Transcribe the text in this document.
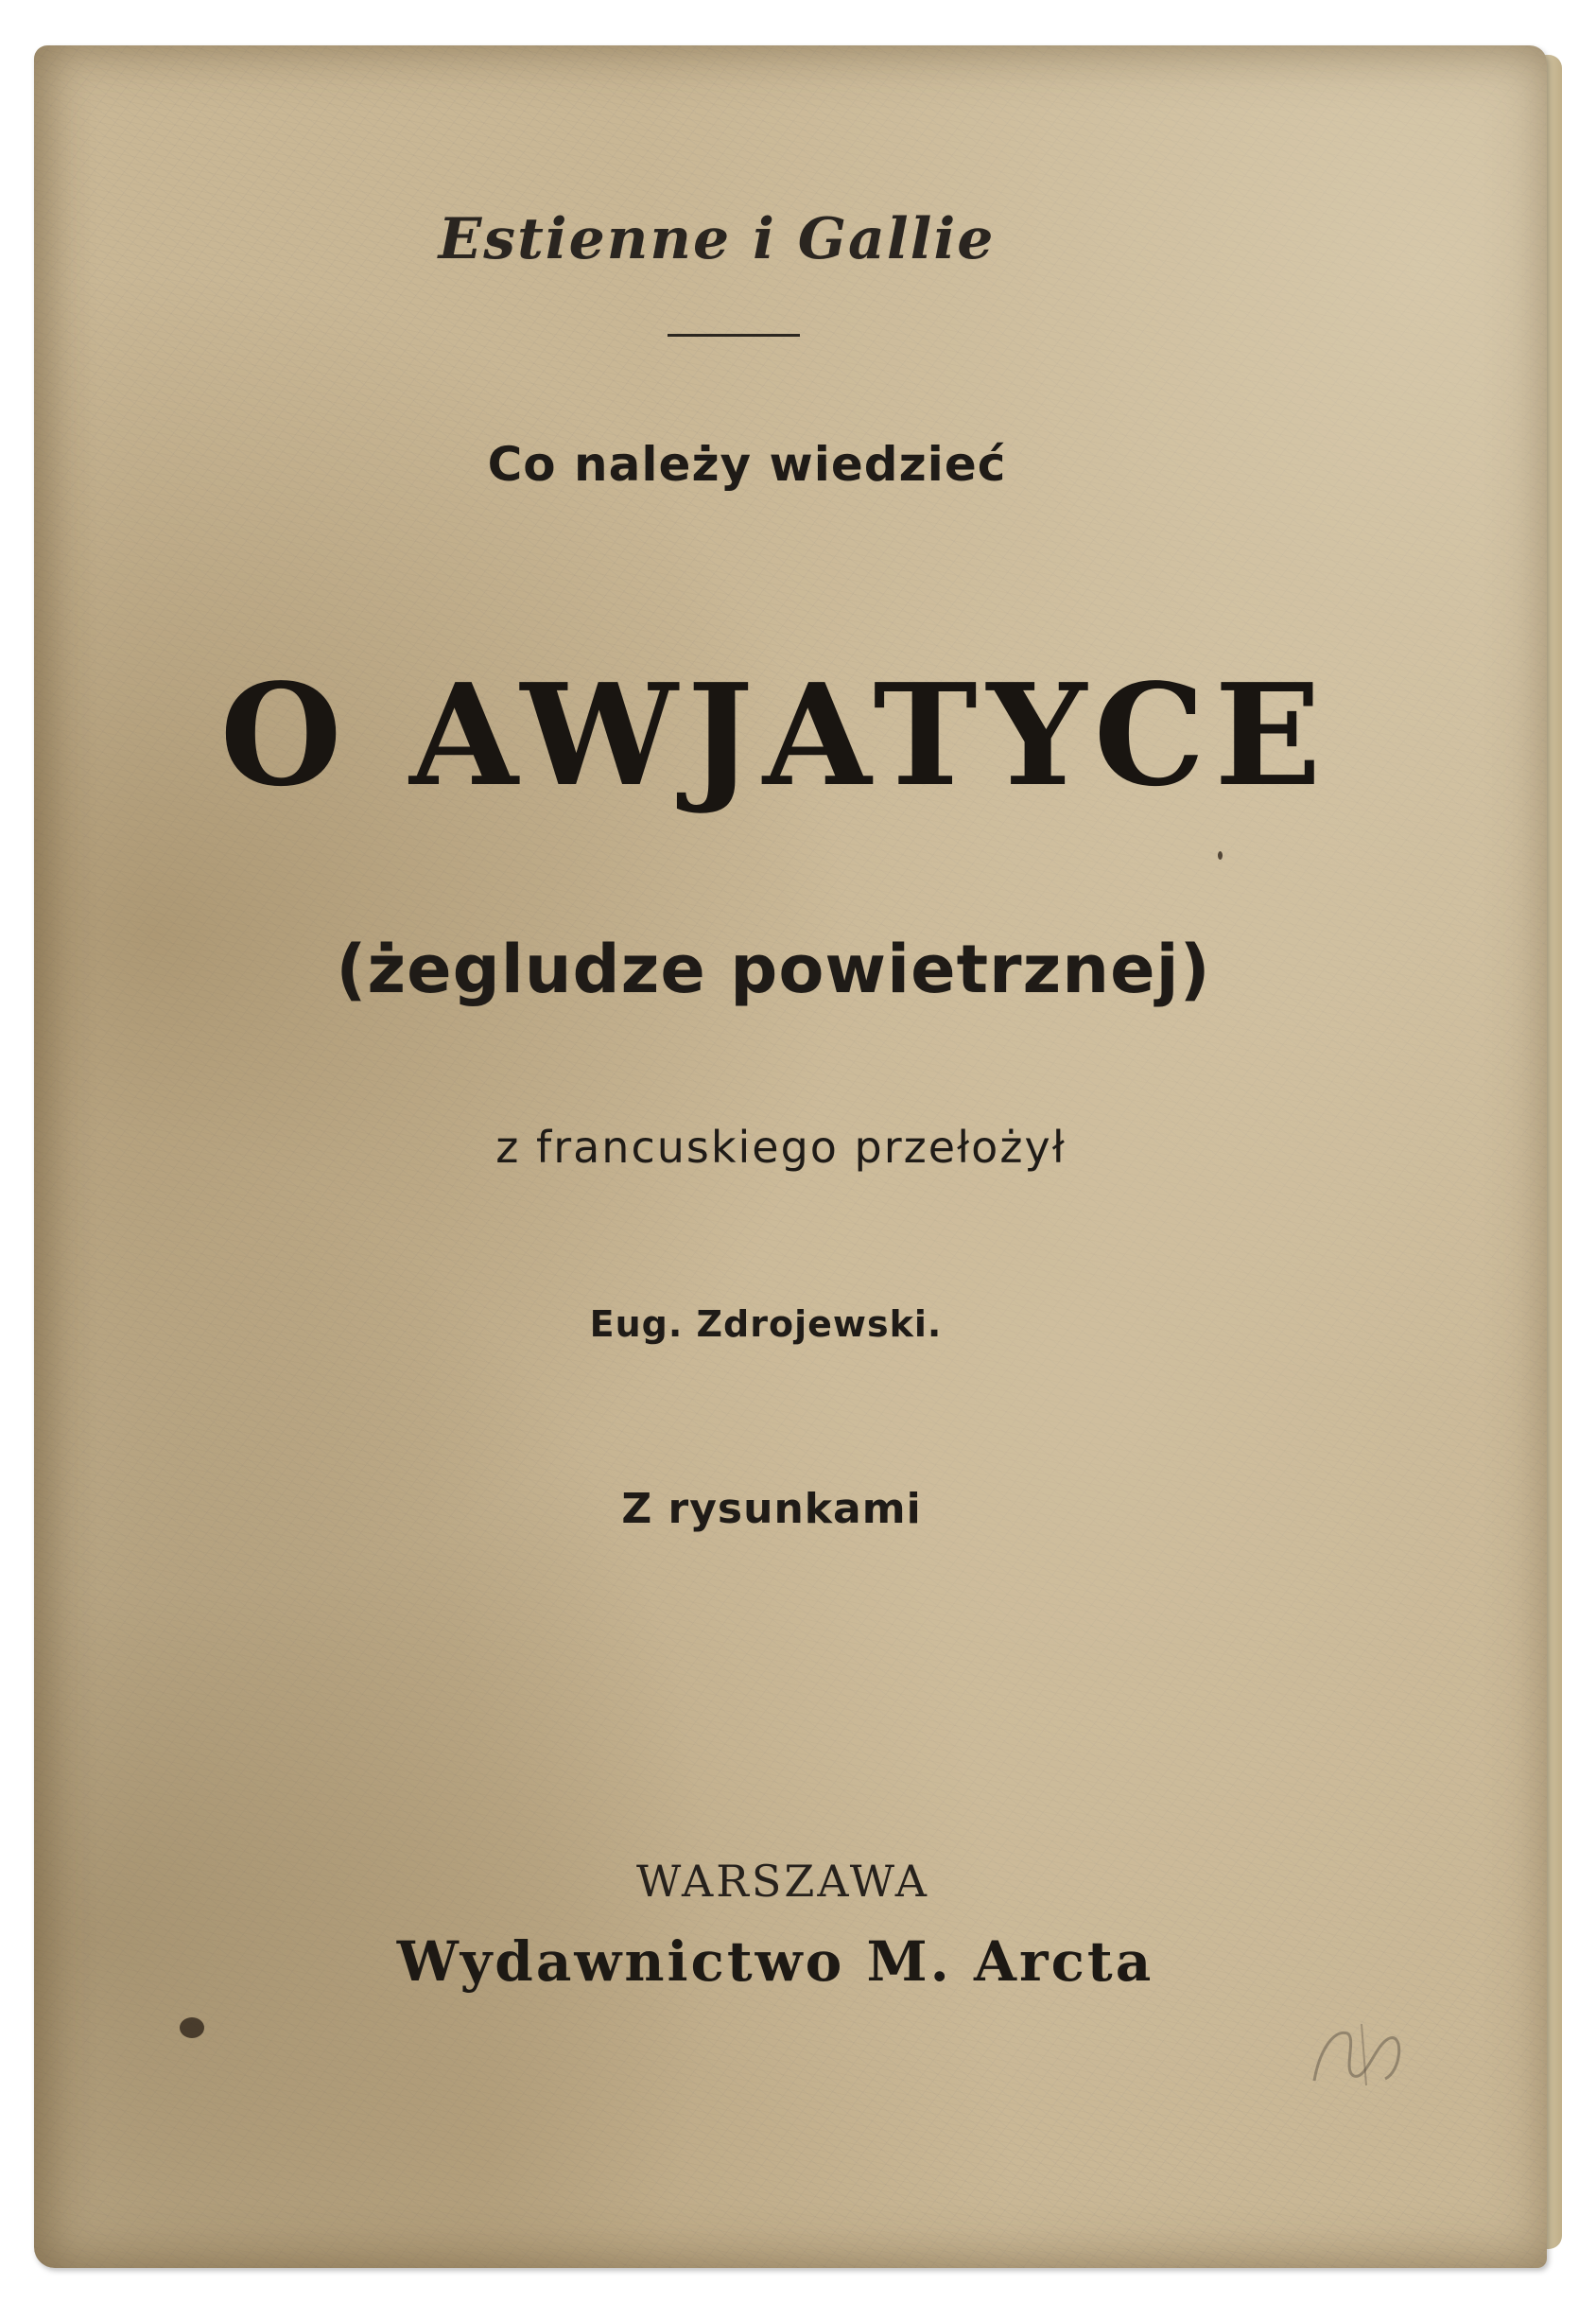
Estienne i Gallie
Co należy wiedzieć
O AWJATYCE
(żegludze powietrznej)
z francuskiego przełożył
Eug. Zdrojewski.
Z rysunkami
WARSZAWA
Wydawnictwo M. Arcta
